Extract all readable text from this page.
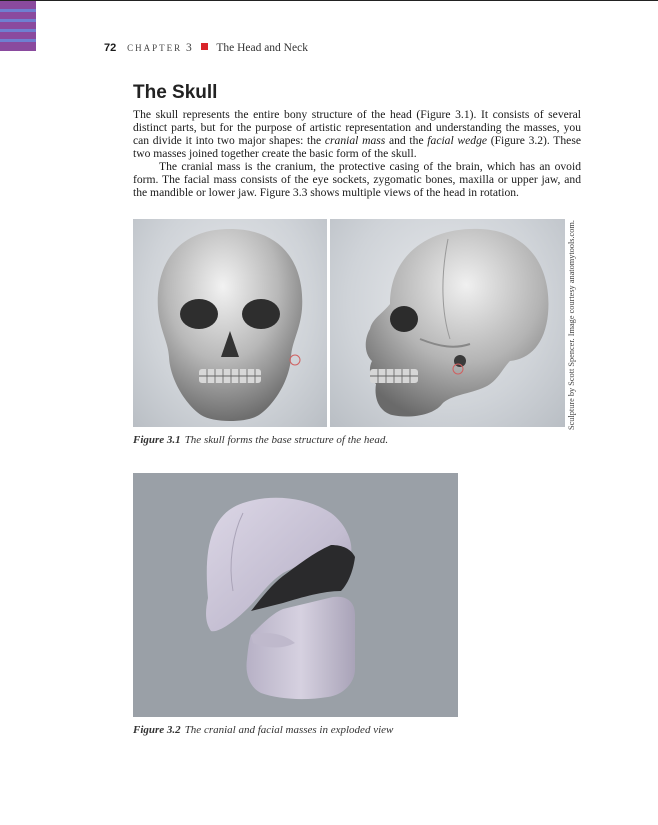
72 CHAPTER 3 The Head and Neck
The Skull

The skull represents the entire bony structure of the head (Figure 3.1). It consists of several distinct parts, but for the purpose of artistic representation and understanding the masses, you can divide it into two major shapes: the cranial mass and the facial wedge (Figure 3.2). These two masses joined together create the basic form of the skull.

The cranial mass is the cranium, the protective casing of the brain, which has an ovoid form. The facial mass consists of the eye sockets, zygomatic bones, maxilla or upper jaw, and the mandible or lower jaw. Figure 3.3 shows multiple views of the head in rotation.

Sculpture by Scott Spencer. Image courtesy anatomytools.com.
Figure 3.1 The skull forms the base structure of the head.
Figure 3.2 The cranial and facial masses in exploded view
